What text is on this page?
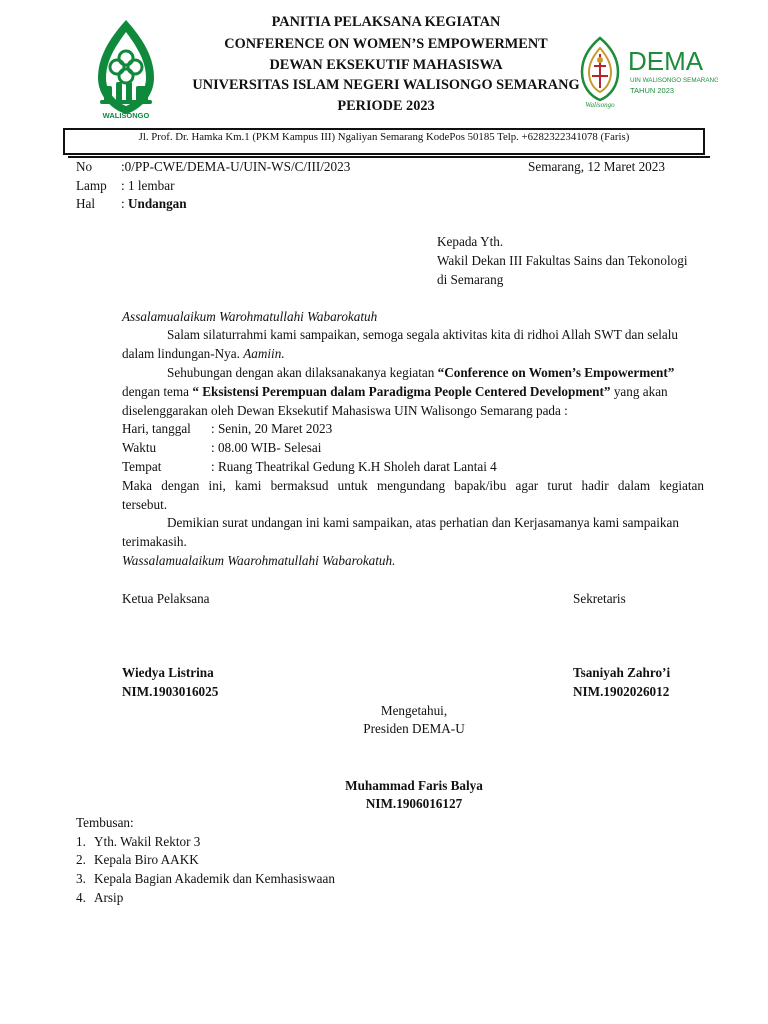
WALISONGO
PANITIA PELAKSANA KEGIATAN
CONFERENCE ON WOMEN’S EMPOWERMENT
DEWAN EKSEKUTIF MAHASISWA
UNIVERSITAS ISLAM NEGERI WALISONGO SEMARANG
PERIODE 2023	Walisongo
DEMA
UIN WALISONGO SEMARANG
TAHUN 2023
Jl. Prof. Dr. Hamka Km.1 (PKM Kampus III) Ngaliyan Semarang KodePos 50185 Telp. +6282322341078 (Faris)
No :0/PP-CWE/DEMA-U/UIN-WS/C/III/2023	Semarang, 12 Maret 2023
Lamp : 1 lembar
Hal : Undangan
Kepada Yth.
Wakil Dekan III Fakultas Sains dan Tekonologi
di Semarang
Assalamualaikum Warohmatullahi Wabarokatuh
Salam silaturrahmi kami sampaikan, semoga segala aktivitas kita di ridhoi Allah SWT dan selalu
dalam lindungan-Nya. Aamiin.
Sehubungan dengan akan dilaksanakanya kegiatan “Conference on Women’s Empowerment”
dengan tema “ Eksistensi Perempuan dalam Paradigma People Centered Development” yang akan
diselenggarakan oleh Dewan Eksekutif Mahasiswa UIN Walisongo Semarang pada :
Hari, tanggal : Senin, 20 Maret 2023
Waktu	: 08.00 WIB- Selesai
Tempat	: Ruang Theatrikal Gedung K.H Sholeh darat Lantai 4
Maka dengan ini, kami bermaksud untuk mengundang bapak/ibu agar turut hadir dalam kegiatan
tersebut.
Demikian surat undangan ini kami sampaikan, atas perhatian dan Kerjasamanya kami sampaikan
terimakasih.
Wassalamualaikum Waarohmatullahi Wabarokatuh.
Ketua Pelaksana	Sekretaris
Wiedya Listrina
NIM.1903016025
Tsaniyah Zahro’i
NIM.1902026012
Mengetahui,
Presiden DEMA-U
Muhammad Faris Balya
NIM.1906016127
Tembusan:
1. Yth. Wakil Rektor 3
2. Kepala Biro AAKK
3. Kepala Bagian Akademik dan Kemhasiswaan
4. Arsip
